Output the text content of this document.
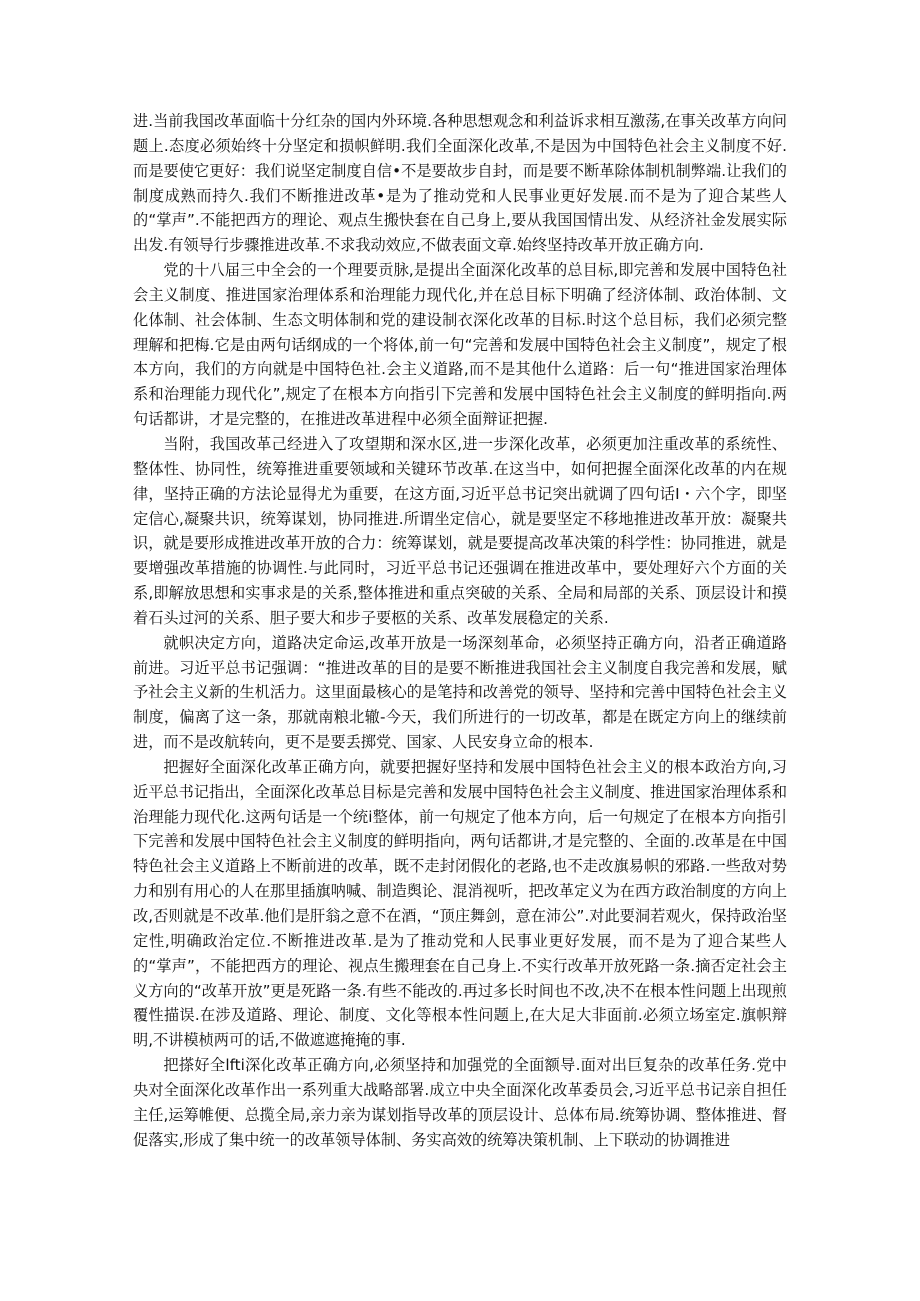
进.当前我国改革面临十分红杂的国内外环境.各种思想观念和利益诉求相互激荡,在事关改革方向问题上.态度必须始终十分坚定和损帜鲜明.我们全面深化改革,不是因为中国特色社会主义制度不好.而是要使它更好：我们说坚定制度自信•不是要故步自封，而是要不断革除体制机制弊端.让我们的制度成熟而持久.我们不断推进改革•是为了推动党和人民事业更好发展.而不是为了迎合某些人的“掌声”.不能把西方的理论、观点生搬快套在自己身上,要从我国国情出发、从经济社金发展实际出发.有领导行步骤推进改革.不求我动效应,不做表面文章.始终坚持改革开放正确方向.

党的十八届三中全会的一个理要贡脉,是提出全面深化改革的总目标,即完善和发展中国特色社会主义制度、推进国家治理体系和治理能力现代化,并在总目标下明确了经济体制、政治体制、文化体制、社会体制、生态文明体制和党的建设制衣深化改革的目标.时这个总目标，我们必须完整理解和把梅.它是由两句话纲成的一个将体,前一句“完善和发展中国特色社会主义制度”，规定了根本方向，我们的方向就是中国特色社.会主义道路,而不是其他什么道路：后一句“推进国家治理体系和治理能力现代化”,规定了在根本方向指引下完善和发展中国特色社会主义制度的鲜明指向.两句话都讲，才是完整的，在推进改革进程中必须全面辩证把握.

当附，我国改革己经进入了攻望期和深水区,进一步深化改革，必须更加注重改革的系统性、整体性、协同性，统筹推进重要领域和关键环节改革.在这当中，如何把握全面深化改革的内在规律，坚持正确的方法论显得尤为重要，在这方面,习近平总书记突出就调了四句话I・六个字，即坚定信心,凝聚共识，统筹谋划，协同推进.所谓坐定信心，就是要坚定不移地推进改革开放：凝聚共识，就是要形成推进改革开放的合力：统筹谋划，就是要提高改革决策的科学性：协同推进，就是要增强改革措施的协调性.与此同时，习近平总书记还强调在推进改革中，要处理好六个方面的关系,即解放思想和实事求是的关系,整体推进和重点突破的关系、全局和局部的关系、顶层设计和摸着石头过河的关系、胆子要大和步子要柩的关系、改革发展稳定的关系.

就帜决定方向，道路决定命运,改革开放是一场深刻革命，必须坚持正确方向，沿者正确道路前进。习近平总书记强调：“推进改革的目的是要不断推进我国社会主义制度自我完善和发展，赋予社会主义新的生机活力。这里面最核心的是笔持和改善党的领导、坚持和完善中国特色社会主义制度，偏离了这一条，那就南粮北辙-今天，我们所进行的一切改革，都是在既定方向上的继续前进，而不是改航转向，更不是要丢掷党、国家、人民安身立命的根本.

把握好全面深化改革正确方向，就要把握好坚持和发展中国特色社会主义的根本政治方向,习近平总书记指出，全面深化改革总目标是完善和发展中国特色社会主义制度、推进国家治理体系和治理能力现代化.这两句话是一个统i整体，前一句规定了他本方向，后一句规定了在根本方向指引下完善和发展中国特色社会主义制度的鲜明指向，两句话都讲,才是完整的、全面的.改革是在中国特色社会主义道路上不断前进的改革，既不走封闭假化的老路,也不走改旗易帜的邪路.一些敌对势力和别有用心的人在那里插旗呐喊、制造舆论、混消视听，把改革定义为在西方政治制度的方向上改,否则就是不改革.他们是肝翁之意不在酒，“顶庄舞剑，意在沛公”.对此要洞若观火，保持政治坚定性,明确政治定位.不断推进改革.是为了推动党和人民事业更好发展，而不是为了迎合某些人的“掌声”，不能把西方的理论、视点生搬理套在自己身上.不实行改革开放死路一条.摘否定社会主义方向的“改革开放”更是死路一条.有些不能改的.再过多长时间也不改,决不在根本性问题上出现煎覆性描误.在涉及道路、理论、制度、文化等根本性问题上,在大足大非面前.必须立场室定.旗帜辩明,不讲模桢两可的话,不做遮遮掩掩的事.

把搽好全lfti深化改革正确方向,必须坚持和加强党的全面额导.面对出巨复杂的改革任务.党中央对全面深化改革作出一系列重大战略部署.成立中央全面深化改革委员会,习近平总书记亲自担任主任,运筹帷便、总揽全局,亲力亲为谋划指导改革的顶层设计、总体布局.统筹协调、整体推进、督促落实,形成了集中统一的改革领导体制、务实高效的统筹决策机制、上下联动的协调推进
